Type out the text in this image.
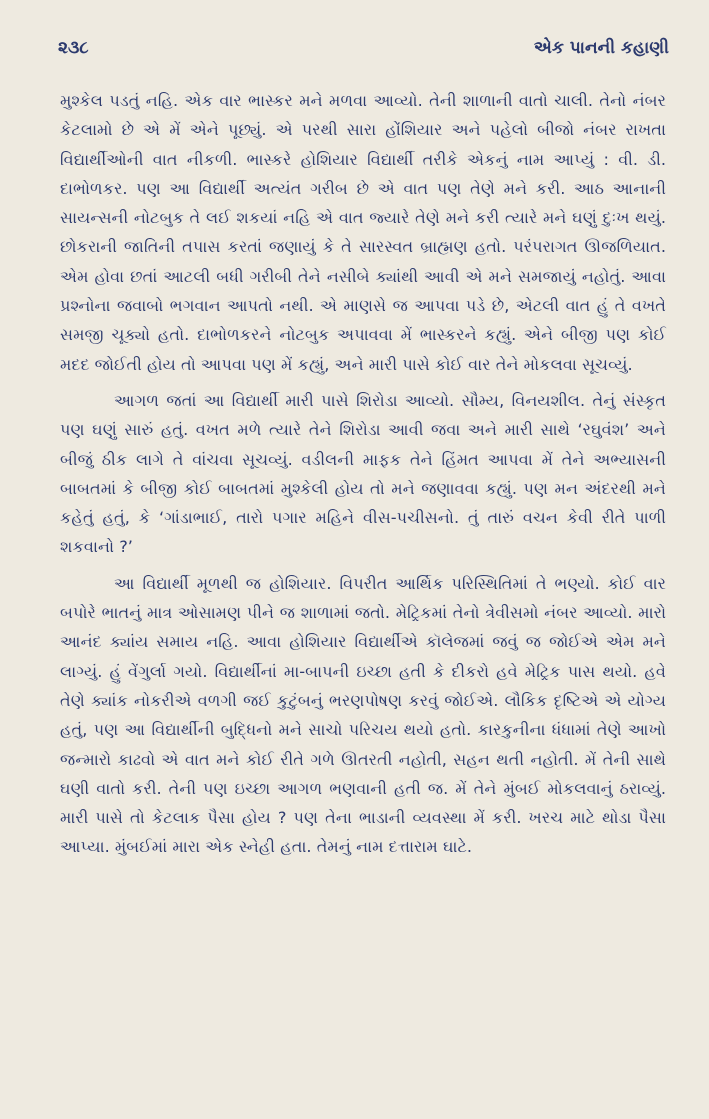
૨૩૮	એક પાનની કહાણી

મુશ્કેલ પડતું નહિ. એક વાર ભાસ્કર મને મળવા આવ્યો. તેની શાળાની વાતો ચાલી. તેનો નંબર કેટલામો છે એ મેં એને પૂછ્યું. એ પરથી સારા હોંશિયાર અને પહેલો બીજો નંબર રાખતા વિદ્યાર્થીઓની વાત નીકળી. ભાસ્કરે હોશિયાર વિદ્યાર્થી તરીકે એકનું નામ આપ્યું : વી. ડી. દાભોળકર. પણ આ વિદ્યાર્થી અત્યંત ગરીબ છે એ વાત પણ તેણે મને કરી. આઠ આનાની સાયન્સની નોટબુક તે લઈ શકયાં નહિ એ વાત જ્યારે તેણે મને કરી ત્યારે મને ઘણું દુઃખ થયું. છોકરાની જાતિની તપાસ કરતાં જણાયું કે તે સારસ્વત બ્રાહ્મણ હતો. પરંપરાગત ઊજળિયાત. એમ હોવા છતાં આટલી બધી ગરીબી તેને નસીબે ક્યાંથી આવી એ મને સમજાયું નહોતું. આવા પ્રશ્નોના જવાબો ભગવાન આપતો નથી. એ માણસે જ આપવા પડે છે, એટલી વાત હું તે વખતે સમજી ચૂક્યો હતો. દાભોળકરને નોટબુક અપાવવા મેં ભાસ્કરને કહ્યું. એને બીજી પણ કોઈ મદદ જોઈતી હોય તો આપવા પણ મેં કહ્યું, અને મારી પાસે કોઈ વાર તેને મોકલવા સૂચવ્યું.

આગળ જતાં આ વિદ્યાર્થી મારી પાસે શિરોડા આવ્યો. સૌમ્ય, વિનયશીલ. તેનું સંસ્કૃત પણ ઘણું સારું હતું. વખત મળે ત્યારે તેને શિરોડા આવી જવા અને મારી સાથે ‘રઘુવંશ’ અને બીજું ઠીક લાગે તે વાંચવા સૂચવ્યું. વડીલની માફક તેને હિંમત આપવા મેં તેને અભ્યાસની બાબતમાં કે બીજી કોઈ બાબતમાં મુશ્કેલી હોય તો મને જણાવવા કહ્યું. પણ મન અંદરથી મને કહેતું હતું, કે ‘ગાંડાભાઈ, તારો પગાર મહિને વીસ-પચીસનો. તું તારું વચન કેવી રીતે પાળી શકવાનો ?’

આ વિદ્યાર્થી મૂળથી જ હોશિયાર. વિપરીત આર્થિક પરિસ્થિતિમાં તે ભણ્યો. કોઈ વાર બપોરે ભાતનું માત્ર ઓસામણ પીને જ શાળામાં જતો. મેટ્રિકમાં તેનો ત્રેવીસમો નંબર આવ્યો. મારો આનંદ ક્યાંય સમાય નહિ. આવા હોશિયાર વિદ્યાર્થીએ કૉલેજમાં જવું જ જોઈએ એમ મને લાગ્યું. હું વેંગુર્લા ગયો. વિદ્યાર્થીનાં મા-બાપની ઇચ્છા હતી કે દીકરો હવે મેટ્રિક પાસ થયો. હવે તેણે ક્યાંક નોકરીએ વળગી જઈ કુટુંબનું ભરણપોષણ કરવું જોઈએ. લૌકિક દૃષ્ટિએ એ યોગ્ય હતું, પણ આ વિદ્યાર્થીની બુદ્ધિનો મને સાચો પરિચય થયો હતો. કારકુનીના ધંધામાં તેણે આખો જન્મારો કાઢવો એ વાત મને કોઈ રીતે ગળે ઊતરતી નહોતી, સહન થતી નહોતી. મેં તેની સાથે ઘણી વાતો કરી. તેની પણ ઇચ્છા આગળ ભણવાની હતી જ. મેં તેને મુંબઈ મોકલવાનું ઠરાવ્યું. મારી પાસે તો કેટલાક પૈસા હોય ? પણ તેના ભાડાની વ્યવસ્થા મેં કરી. ખરચ માટે થોડા પૈસા આપ્યા. મુંબઈમાં મારા એક સ્નેહી હતા. તેમનું નામ દત્તારામ ઘાટે.
